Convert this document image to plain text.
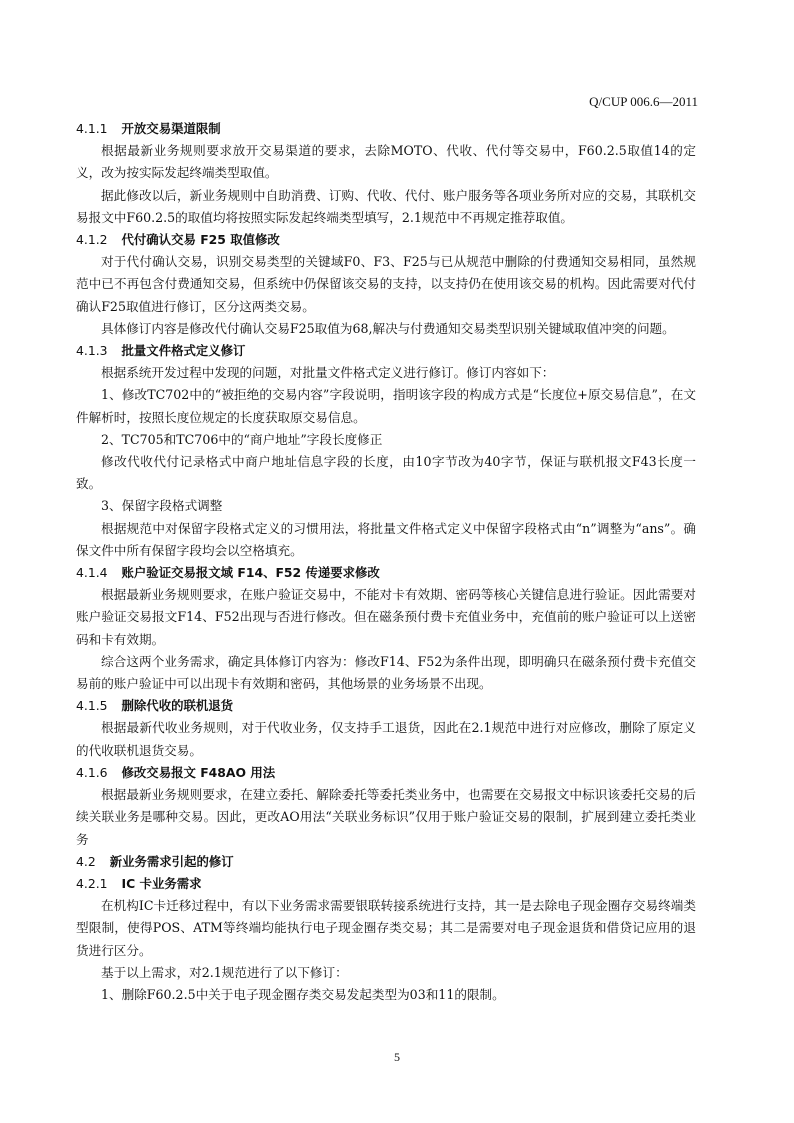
Q/CUP 006.6—2011
4.1.1 开放交易渠道限制

根据最新业务规则要求放开交易渠道的要求，去除MOTO、代收、代付等交易中，F60.2.5取值14的定义，改为按实际发起终端类型取值。

据此修改以后，新业务规则中自助消费、订购、代收、代付、账户服务等各项业务所对应的交易，其联机交易报文中F60.2.5的取值均将按照实际发起终端类型填写，2.1规范中不再规定推荐取值。

4.1.2 代付确认交易 F25 取值修改

对于代付确认交易，识别交易类型的关键域F0、F3、F25与已从规范中删除的付费通知交易相同，虽然规范中已不再包含付费通知交易，但系统中仍保留该交易的支持，以支持仍在使用该交易的机构。因此需要对代付确认F25取值进行修订，区分这两类交易。

具体修订内容是修改代付确认交易F25取值为68,解决与付费通知交易类型识别关键域取值冲突的问题。

4.1.3 批量文件格式定义修订

根据系统开发过程中发现的问题，对批量文件格式定义进行修订。修订内容如下：

1、修改TC702中的“被拒绝的交易内容”字段说明，指明该字段的构成方式是“长度位+原交易信息”，在文件解析时，按照长度位规定的长度获取原交易信息。

2、TC705和TC706中的“商户地址”字段长度修正

修改代收代付记录格式中商户地址信息字段的长度，由10字节改为40字节，保证与联机报文F43长度一致。

3、保留字段格式调整

根据规范中对保留字段格式定义的习惯用法，将批量文件格式定义中保留字段格式由“n”调整为“ans”。确保文件中所有保留字段均会以空格填充。

4.1.4 账户验证交易报文域 F14、F52 传递要求修改

根据最新业务规则要求，在账户验证交易中，不能对卡有效期、密码等核心关键信息进行验证。因此需要对账户验证交易报文F14、F52出现与否进行修改。但在磁条预付费卡充值业务中，充值前的账户验证可以上送密码和卡有效期。

综合这两个业务需求，确定具体修订内容为：修改F14、F52为条件出现，即明确只在磁条预付费卡充值交易前的账户验证中可以出现卡有效期和密码，其他场景的业务场景不出现。

4.1.5 删除代收的联机退货

根据最新代收业务规则，对于代收业务，仅支持手工退货，因此在2.1规范中进行对应修改，删除了原定义的代收联机退货交易。

4.1.6 修改交易报文 F48AO 用法

根据最新业务规则要求，在建立委托、解除委托等委托类业务中，也需要在交易报文中标识该委托交易的后续关联业务是哪种交易。因此，更改AO用法“关联业务标识”仅用于账户验证交易的限制，扩展到建立委托类业务

4.2 新业务需求引起的修订
4.2.1 IC 卡业务需求

在机构IC卡迁移过程中，有以下业务需求需要银联转接系统进行支持，其一是去除电子现金圈存交易终端类型限制，使得POS、ATM等终端均能执行电子现金圈存类交易；其二是需要对电子现金退货和借贷记应用的退货进行区分。

基于以上需求，对2.1规范进行了以下修订：

1、删除F60.2.5中关于电子现金圈存类交易发起类型为03和11的限制。

5
